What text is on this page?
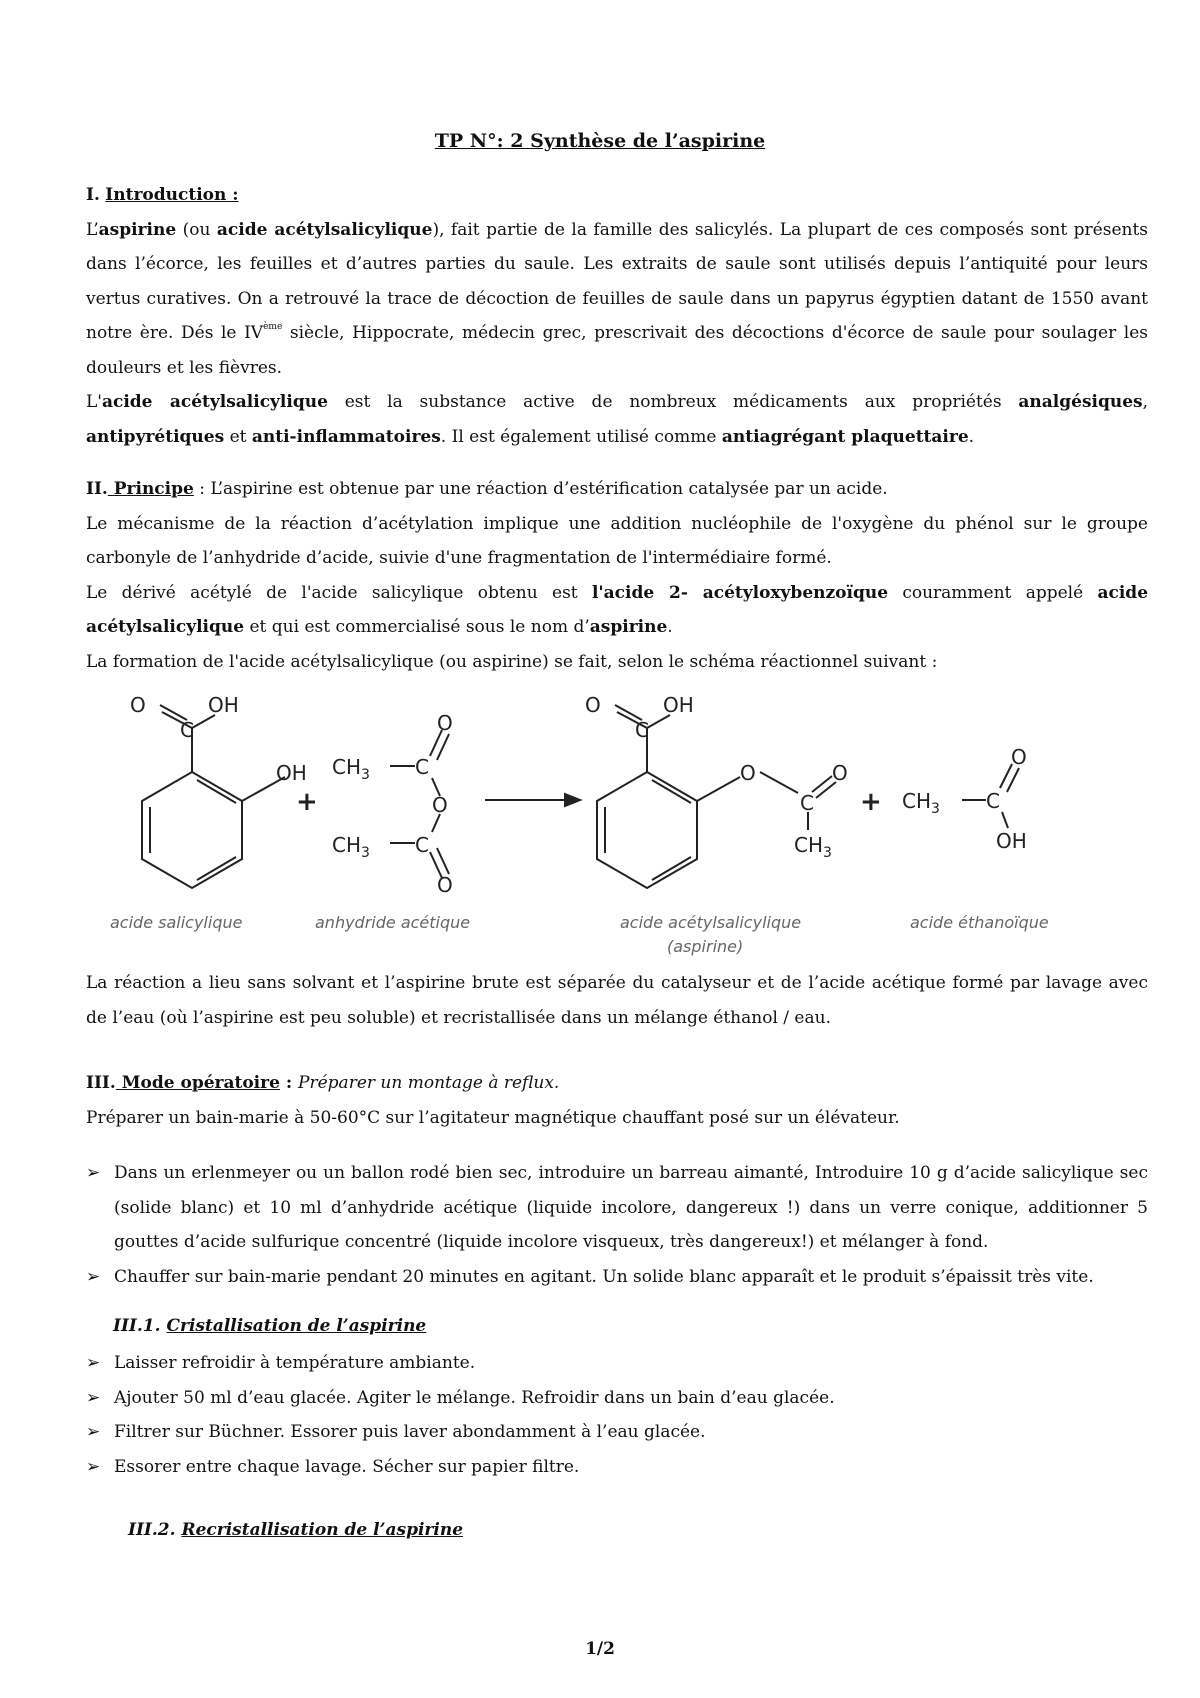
TP N°: 2 Synthèse de l’aspirine
I. Introduction :
L’aspirine (ou acide acétylsalicylique), fait partie de la famille des salicylés. La plupart de ces composés sont présents dans l’écorce, les feuilles et d’autres parties du saule. Les extraits de saule sont utilisés depuis l’antiquité pour leurs vertus curatives. On a retrouvé la trace de décoction de feuilles de saule dans un papyrus égyptien datant de 1550 avant notre ère. Dés le IVème siècle, Hippocrate, médecin grec, prescrivait des décoctions d'écorce de saule pour soulager les douleurs et les fièvres.
L'acide acétylsalicylique est la substance active de nombreux médicaments aux propriétés analgésiques, antipyrétiques et anti-inflammatoires. Il est également utilisé comme antiagrégant plaquettaire.
II. Principe : L’aspirine est obtenue par une réaction d’estérification catalysée par un acide.
Le mécanisme de la réaction d’acétylation implique une addition nucléophile de l'oxygène du phénol sur le groupe carbonyle de l’anhydride d’acide, suivie d'une fragmentation de l'intermédiaire formé.
Le dérivé acétylé de l'acide salicylique obtenu est l'acide 2- acétyloxybenzoïque couramment appelé acide acétylsalicylique et qui est commercialisé sous le nom d’aspirine.
La formation de l'acide acétylsalicylique (ou aspirine) se fait, selon le schéma réactionnel suivant :
O
C
OH
OH $CH_3$ C
O
O
$CH_3$ C
O
O
C
OH
O
C
O
$CH_3$
$CH_3$ C
O
OH
+	+
acide salicylique	anhydride acétique	acide acétylsalicylique
(aspirine)
acide éthanoïque
La réaction a lieu sans solvant et l’aspirine brute est séparée du catalyseur et de l’acide acétique formé par lavage avec de l’eau (où l’aspirine est peu soluble) et recristallisée dans un mélange éthanol / eau.
III. Mode opératoire : Préparer un montage à reflux.
Préparer un bain-marie à 50-60°C sur l’agitateur magnétique chauffant posé sur un élévateur.
➢ Dans un erlenmeyer ou un ballon rodé bien sec, introduire un barreau aimanté, Introduire 10 g d’acide salicylique sec (solide blanc) et 10 ml d’anhydride acétique (liquide incolore, dangereux !) dans un verre conique, additionner 5 gouttes d’acide sulfurique concentré (liquide incolore visqueux, très dangereux!) et mélanger à fond.
➢ Chauffer sur bain-marie pendant 20 minutes en agitant. Un solide blanc apparaît et le produit s’épaissit très vite.
III.1. Cristallisation de l’aspirine
➢ Laisser refroidir à température ambiante.
➢ Ajouter 50 ml d’eau glacée. Agiter le mélange. Refroidir dans un bain d’eau glacée.
➢ Filtrer sur Büchner. Essorer puis laver abondamment à l’eau glacée.
➢ Essorer entre chaque lavage. Sécher sur papier filtre.
III.2. Recristallisation de l’aspirine
1/2
